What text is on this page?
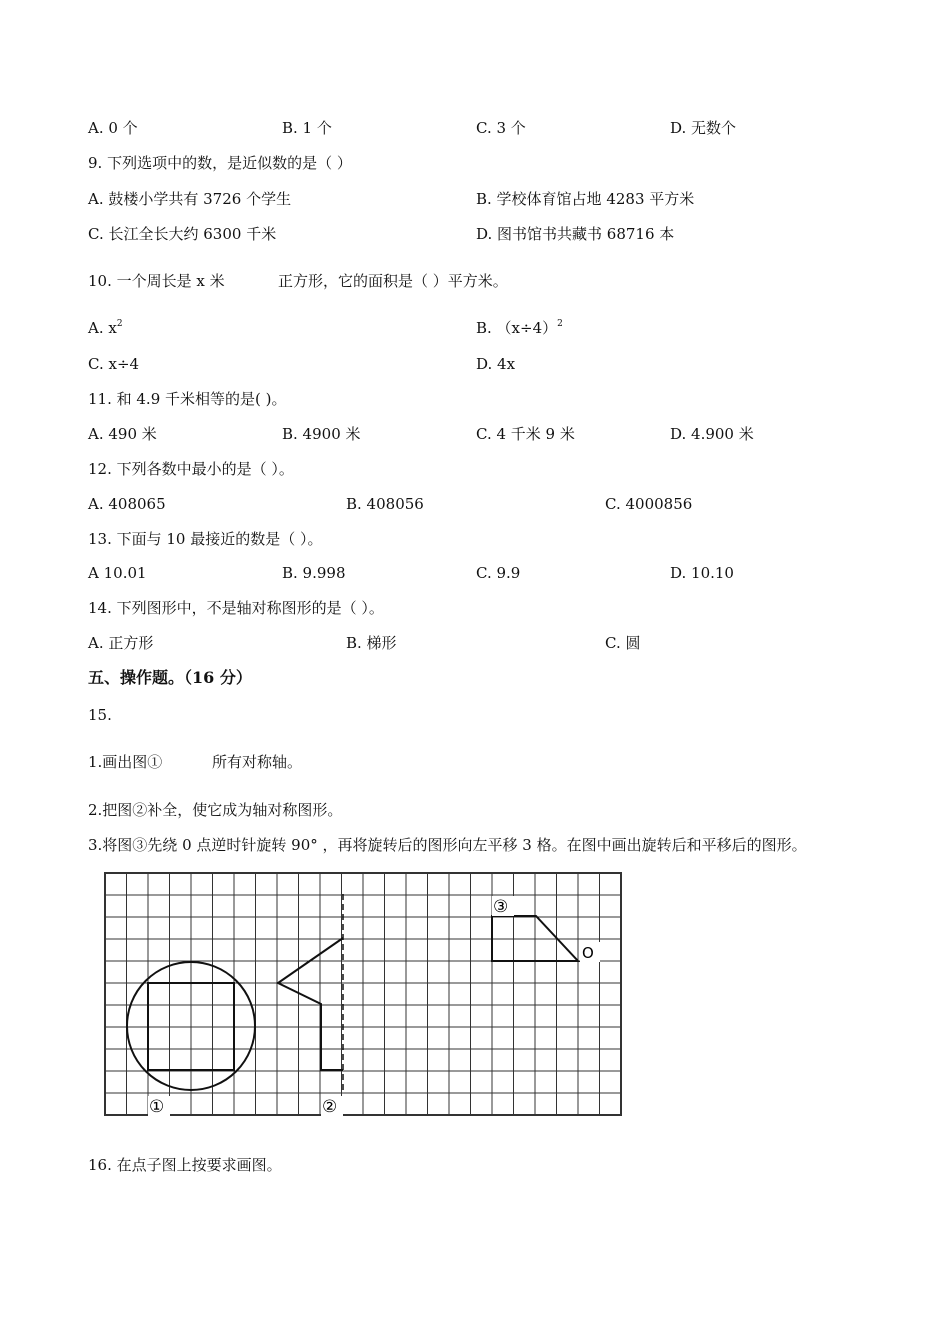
A. 0 个	B. 1 个	C. 3 个	D. 无数个
9. 下列选项中的数，是近似数的是（ ）
A. 鼓楼小学共有 3726 个学生	B. 学校体育馆占地 4283 平方米
C. 长江全长大约 6300 千米	D. 图书馆书共藏书 68716 本
10. 一个周长是 x 米	正方形，它的面积是（ ）平方米。
A. $x^2$	B. $(x\div 4)^2$
C. x÷4	D. 4x
11. 和 4.9 千米相等的是( )。
A. 490 米	B. 4900 米	C. 4 千米 9 米	D. 4.900 米
12. 下列各数中最小的是（ ）。
A. 408065	B. 408056	C. 4000856
13. 下面与 10 最接近的数是（ ）。
A 10.01	B. 9.998	C. 9.9	D. 10.10
14. 下列图形中，不是轴对称图形的是（ ）。
A. 正方形	B. 梯形	C. 圆
五、操作题。（16 分）
15.
1.画出图①	所有对称轴。
2.把图②补全，使它成为轴对称图形。
3.将图③先绕 0 点逆时针旋转 90° ，再将旋转后的图形向左平移 3 格。在图中画出旋转后和平移后的图形。
①	②
③
O
16. 在点子图上按要求画图。
